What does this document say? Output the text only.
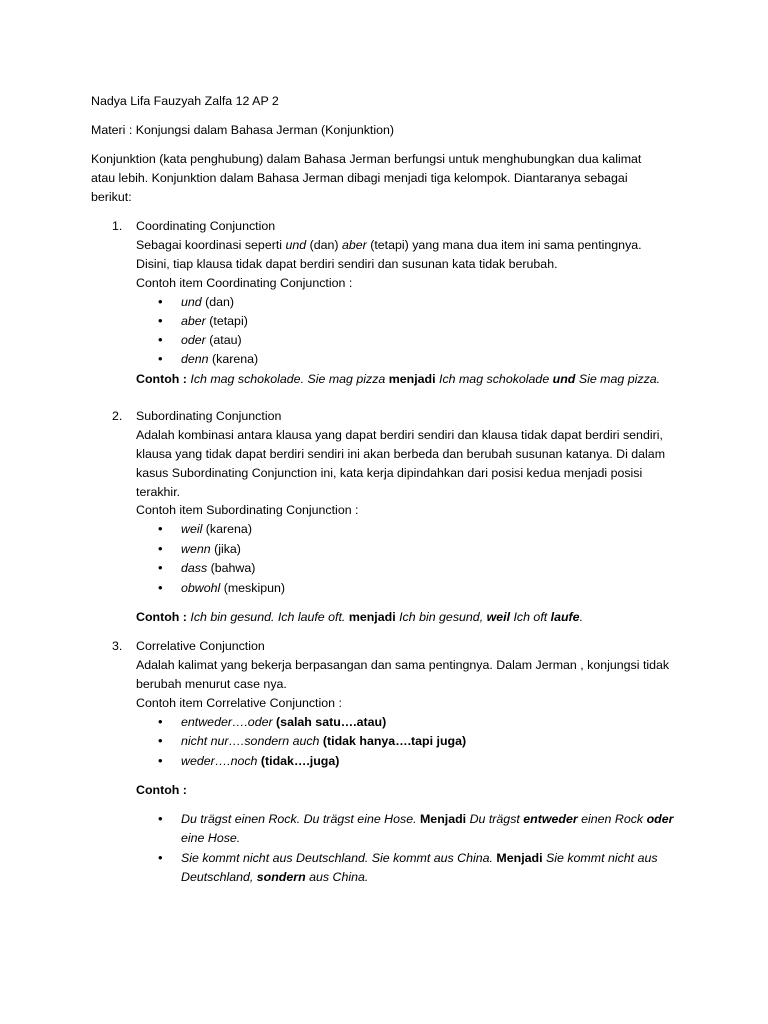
Nadya Lifa Fauzyah Zalfa 12 AP 2
Materi : Konjungsi dalam Bahasa Jerman (Konjunktion)
Konjunktion (kata penghubung) dalam Bahasa Jerman berfungsi untuk menghubungkan dua kalimat
atau lebih. Konjunktion dalam Bahasa Jerman dibagi menjadi tiga kelompok. Diantaranya sebagai
berikut:
1. Coordinating Conjunction
Sebagai koordinasi seperti und (dan) aber (tetapi) yang mana dua item ini sama pentingnya.
Disini, tiap klausa tidak dapat berdiri sendiri dan susunan kata tidak berubah.
Contoh item Coordinating Conjunction :
• und (dan)
• aber (tetapi)
• oder (atau)
• denn (karena)
Contoh : Ich mag schokolade. Sie mag pizza menjadi Ich mag schokolade und Sie mag pizza.
2. Subordinating Conjunction
Adalah kombinasi antara klausa yang dapat berdiri sendiri dan klausa tidak dapat berdiri sendiri,
klausa yang tidak dapat berdiri sendiri ini akan berbeda dan berubah susunan katanya. Di dalam
kasus Subordinating Conjunction ini, kata kerja dipindahkan dari posisi kedua menjadi posisi
terakhir.
Contoh item Subordinating Conjunction :
• weil (karena)
• wenn (jika)
• dass (bahwa)
• obwohl (meskipun)
Contoh : Ich bin gesund. Ich laufe oft. menjadi Ich bin gesund, weil Ich oft laufe.
3. Correlative Conjunction
Adalah kalimat yang bekerja berpasangan dan sama pentingnya. Dalam Jerman , konjungsi tidak
berubah menurut case nya.
Contoh item Correlative Conjunction :
• entweder….oder (salah satu….atau)
• nicht nur….sondern auch (tidak hanya….tapi juga)
• weder….noch (tidak….juga)
Contoh :
• Du trägst einen Rock. Du trägst eine Hose. Menjadi Du trägst entweder einen Rock oder
eine Hose.
• Sie kommt nicht aus Deutschland. Sie kommt aus China. Menjadi Sie kommt nicht aus
Deutschland, sondern aus China.
